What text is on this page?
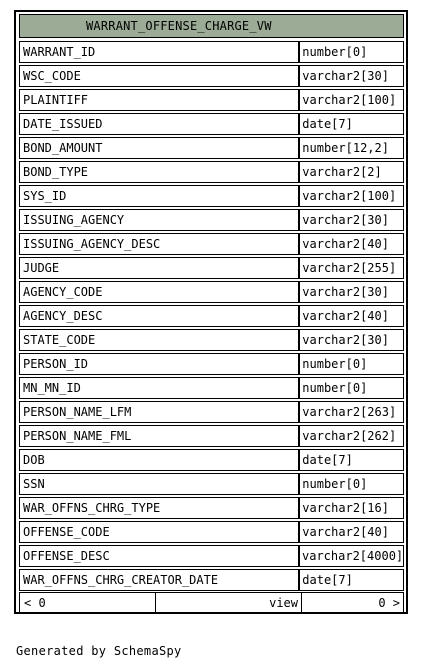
WARRANT_OFFENSE_CHARGE_VW
WARRANT_ID	number[0]
WSC_CODE	varchar2[30]
PLAINTIFF	varchar2[100]
DATE_ISSUED	date[7]
BOND_AMOUNT	number[12,2]
BOND_TYPE	varchar2[2]
SYS_ID	varchar2[100]
ISSUING_AGENCY	varchar2[30]
ISSUING_AGENCY_DESC	varchar2[40]
JUDGE	varchar2[255]
AGENCY_CODE	varchar2[30]
AGENCY_DESC	varchar2[40]
STATE_CODE	varchar2[30]
PERSON_ID	number[0]
MN_MN_ID	number[0]
PERSON_NAME_LFM	varchar2[263]
PERSON_NAME_FML	varchar2[262]
DOB	date[7]
SSN	number[0]
WAR_OFFNS_CHRG_TYPE	varchar2[16]
OFFENSE_CODE	varchar2[40]
OFFENSE_DESC	varchar2[4000]
WAR_OFFNS_CHRG_CREATOR_DATE	date[7]
< 0	view	0 >
Generated by SchemaSpy
